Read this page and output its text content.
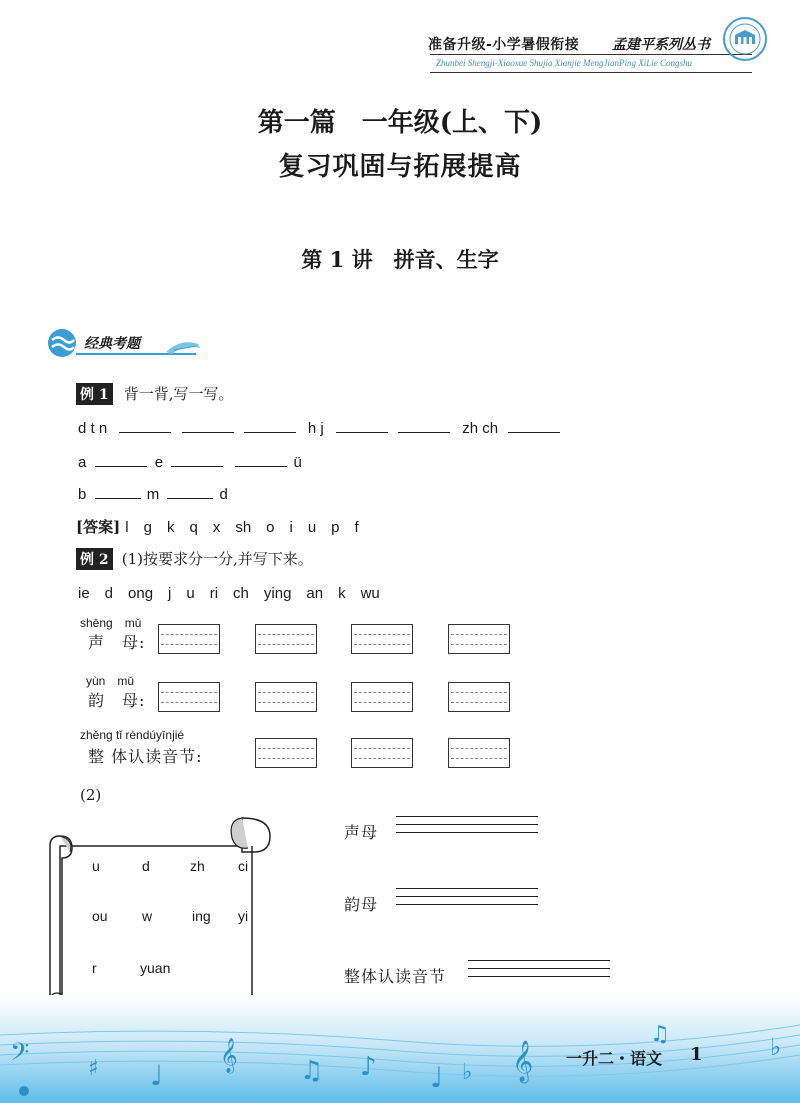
准备升级-小学暑假衔接 孟建平系列丛书
Zhunbei Shengji-Xiaoxue Shujia Xianjie MengJianPing XiLie Congshu
第一篇　一年级(上、下)
复习巩固与拓展提高
第 1 讲　拼音、生字
经典考题
例 1 背一背,写一写。
d t n	h j	zh ch
a	e	ü
b	m	d
[答案] l　g　k　q　x　sh　o　i　u　p　f
例 2 (1)按要求分一分,并写下来。
ie　d　ong　j　u　ri　ch　ying　an　k　wu
shēng　mǔ
声　母:
yùn　mǔ
韵　母:
zhěng tǐ rèndúyīnjié
整 体认读音节:
(2)
u	d	zh ci
ou w	ing yi
r	yuan
声母
韵母
整体认读音节
𝄢	♯ ♩
𝄞 ♫ ♪ ♩ ♭ 𝄞
♫	♭
一升二・语文 1
